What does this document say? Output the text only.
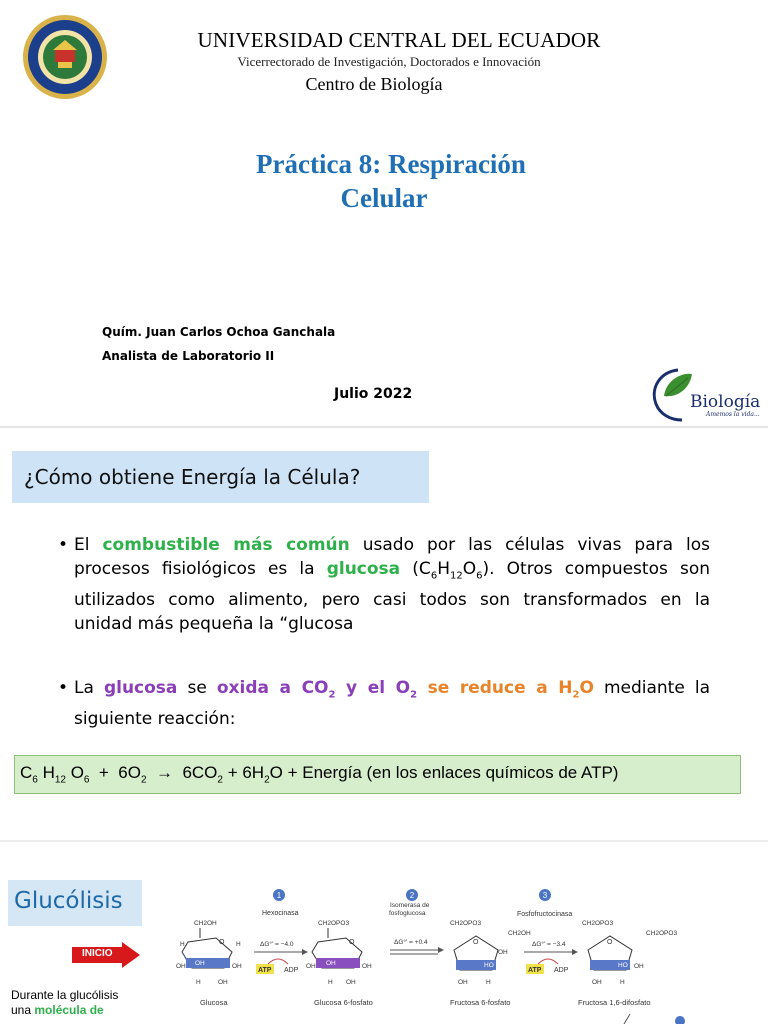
UNIVERSIDAD CENTRAL DEL ECUADOR
Vicerrectorado de Investigación, Doctorados e Innovación
Centro de Biología
Práctica 8: Respiración
Celular
Quím. Juan Carlos Ochoa Ganchala
Analista de Laboratorio II
Julio 2022	Biología
Amemos la vida...
¿Cómo obtiene Energía la Célula?
• El combustible más común usado por las células vivas para los
procesos fisiológicos es la glucosa $(C_6H_{12}O_6)$. Otros compuestos son
utilizados como alimento, pero casi todos son transformados en la
unidad más pequeña la “glucosa
• La glucosa se oxida a $CO_2$ y el $O_2$ se reduce a $H_2O$ mediante la
siguiente reacción:
$C_6$ $H_{12}$ $O_6 + 6O_2 \to 6CO_2 + 6H_2O$ + Energía (en los enlaces químicos de ATP)
Glucólisis
INICIO
Durante la glucólisis
una molécula de
1	2	3
Hexocinasa
Isomerasa de
fosfoglucosa	Fosfofructocinasa
CH2OH
O
OH
OH	OH
H	H
H	OH
Glucosa
ΔG°' = −4.0
ATP ADP
CH2OPO3
O
OH
OH	OH
H OH
Glucosa 6-fosfato
ΔG°' = +0.4
CH2OPO3
CH2OH
O
HO
OH
OH	H
Fructosa 6-fosfato
ΔG°' = −3.4
ATP ADP
CH2OPO3
CH2OPO3
O
HO OH
OH	H
Fructosa 1,6-difosfato
